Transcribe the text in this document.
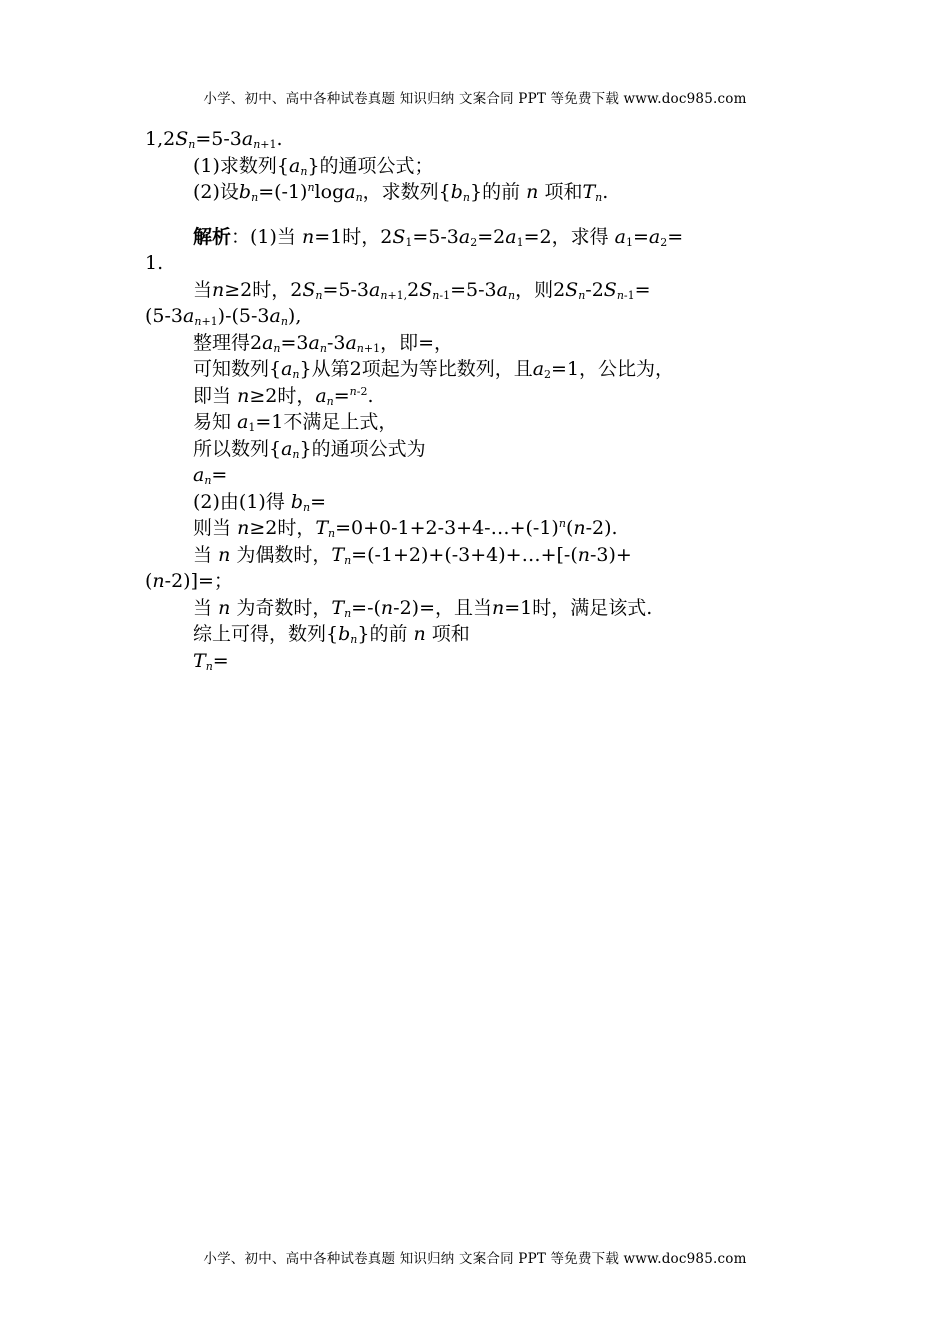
小学、初中、高中各种试卷真题 知识归纳 文案合同 PPT 等免费下载 www.doc985.com
$1,2S_n=5-3a_{n+1}$.
(1)求数列$\{a_n\}$的通项公式；
(2)设$b_n=(-1)^n\log a_n$，求数列$\{b_n\}$的前 n 项和$T_n$.
解析：(1)当 n=1时，$2S_1=5-3a_2=2a_1=2$，求得 $a_1=a_2=$
1.
当n≥2时，$2S_n=5-3a_{n+1,}2S_{n-1}=5-3a_n$，则$2S_n-2S_{n-1}=$
$(5-3a_{n+1})-(5-3a_n)$,
整理得$2a_n=3a_n-3a_{n+1}$，即=，
可知数列$\{a_n\}$从第2项起为等比数列，且$a_2=1$，公比为，
即当 n≥2时，$a_n=^{n-2}$.
易知 $a_1=1$不满足上式，
所以数列$\{a_n\}$的通项公式为
$a_n=$
(2)由(1)得 $b_n=$
则当 n≥2时，$T_n=0+0-1+2-3+4-\dots+(-1)^n(n-2)$.
当 n 为偶数时，$T_n=(-1+2)+(-3+4)+\dots+[-(n-3)+$
(n-2)]=；
当 n 为奇数时，$T_n=-(n-2)=$，且当n=1时，满足该式.
综上可得，数列$\{b_n\}$的前 n 项和
$T_n=$
小学、初中、高中各种试卷真题 知识归纳 文案合同 PPT 等免费下载 www.doc985.com
